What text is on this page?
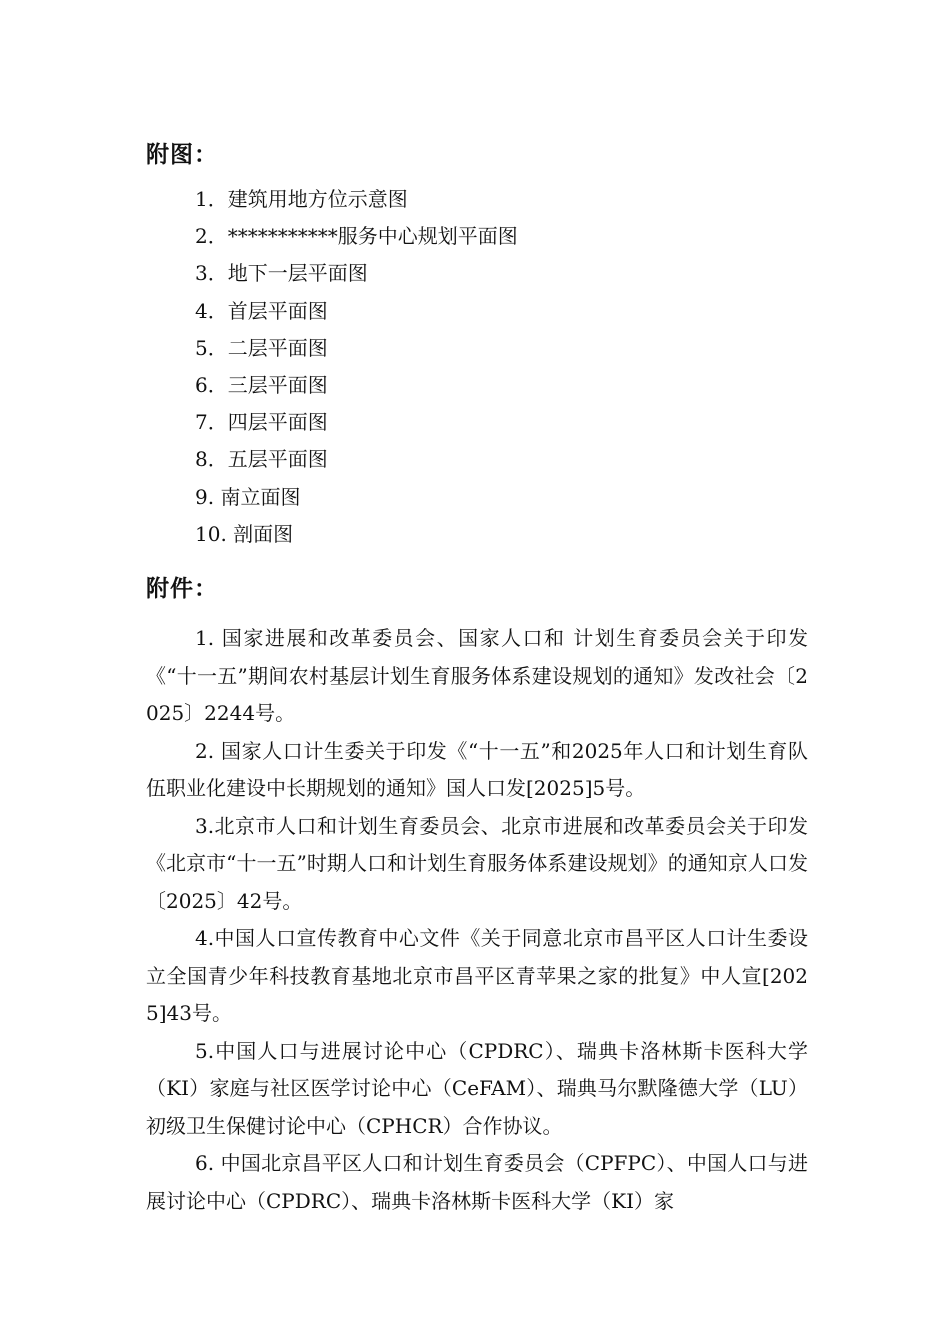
附图：
1．建筑用地方位示意图
2．***********服务中心规划平面图
3．地下一层平面图
4．首层平面图
5．二层平面图
6．三层平面图
7．四层平面图
8．五层平面图
9. 南立面图
10. 剖面图
附件：

1. 国家进展和改革委员会、国家人口和 计划生育委员会关于印发《“十一五”期间农村基层计划生育服务体系建设规划的通知》发改社会〔2025〕2244号。

2. 国家人口计生委关于印发《“十一五”和2025年人口和计划生育队伍职业化建设中长期规划的通知》国人口发[2025]5号。

3.北京市人口和计划生育委员会、北京市进展和改革委员会关于印发《北京市“十一五”时期人口和计划生育服务体系建设规划》的通知京人口发〔2025〕42号。

4.中国人口宣传教育中心文件《关于同意北京市昌平区人口计生委设立全国青少年科技教育基地北京市昌平区青苹果之家的批复》中人宣[2025]43号。

5.中国人口与进展讨论中心（CPDRC）、瑞典卡洛林斯卡医科大学（KI）家庭与社区医学讨论中心（CeFAM）、瑞典马尔默隆德大学（LU）初级卫生保健讨论中心（CPHCR）合作协议。

6. 中国北京昌平区人口和计划生育委员会（CPFPC）、中国人口与进展讨论中心（CPDRC）、瑞典卡洛林斯卡医科大学（KI）家
